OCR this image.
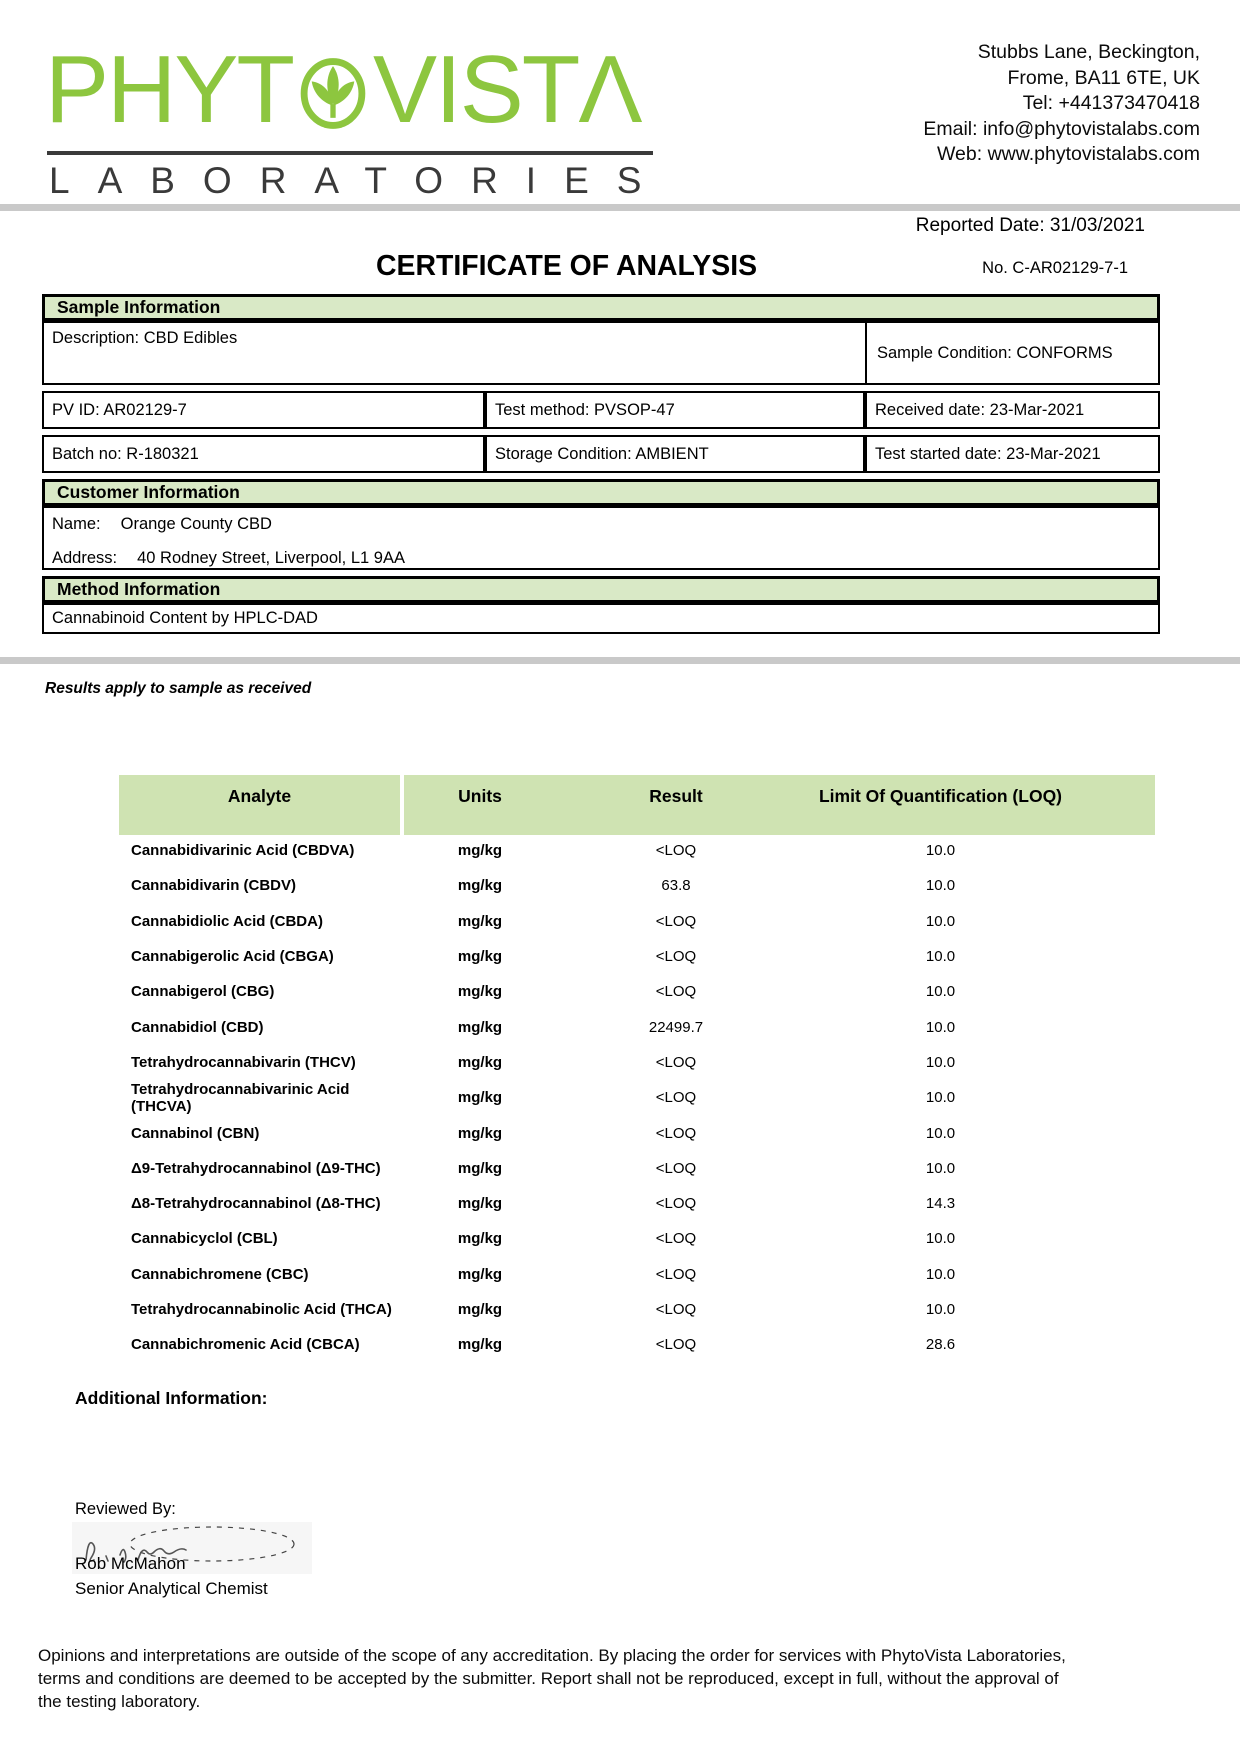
PHYT VIST Λ
LABORATORIES
Stubbs Lane, Beckington,
Frome, BA11 6TE, UK
Tel: +441373470418
Email: info@phytovistalabs.com
Web: www.phytovistalabs.com
Reported Date: 31/03/2021
CERTIFICATE OF ANALYSIS	No. C-AR02129-7-1
Sample Information
Description: CBD Edibles
Sample Condition: CONFORMS
PV ID: AR02129-7	Test method: PVSOP-47	Received date: 23-Mar-2021
Batch no: R-180321	Storage Condition: AMBIENT	Test started date: 23-Mar-2021
Customer Information
Name: Orange County CBD
Address: 40 Rodney Street, Liverpool, L1 9AA
Method Information
Cannabinoid Content by HPLC-DAD
Results apply to sample as received
Analyte	Units	Result	Limit Of Quantification (LOQ)
Cannabidivarinic Acid (CBDVA)	mg/kg	<LOQ	10.0
Cannabidivarin (CBDV)	mg/kg	63.8	10.0
Cannabidiolic Acid (CBDA)	mg/kg	<LOQ	10.0
Cannabigerolic Acid (CBGA)	mg/kg	<LOQ	10.0
Cannabigerol (CBG)	mg/kg	<LOQ	10.0
Cannabidiol (CBD)	mg/kg	22499.7	10.0
Tetrahydrocannabivarin (THCV)	mg/kg	<LOQ	10.0
Tetrahydrocannabivarinic Acid (THCVA)	mg/kg	<LOQ	10.0
Cannabinol (CBN)	mg/kg	<LOQ	10.0
Δ9-Tetrahydrocannabinol (Δ9-THC)	mg/kg	<LOQ	10.0
Δ8-Tetrahydrocannabinol (Δ8-THC)	mg/kg	<LOQ	14.3
Cannabicyclol (CBL)	mg/kg	<LOQ	10.0
Cannabichromene (CBC)	mg/kg	<LOQ	10.0
Tetrahydrocannabinolic Acid (THCA)	mg/kg	<LOQ	10.0
Cannabichromenic Acid (CBCA)	mg/kg	<LOQ	28.6
Additional Information:
Reviewed By:
Rob McMahon
Senior Analytical Chemist
Opinions and interpretations are outside of the scope of any accreditation. By placing the order for services with PhytoVista Laboratories,
terms and conditions are deemed to be accepted by the submitter. Report shall not be reproduced, except in full, without the approval of
the testing laboratory.
